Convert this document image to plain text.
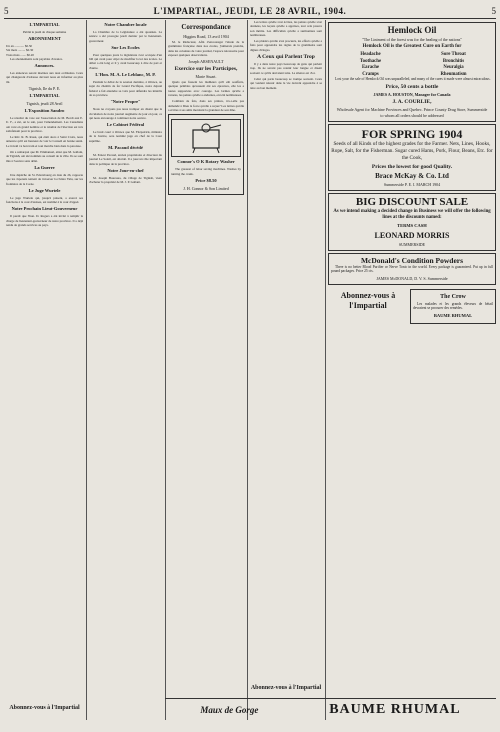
5	L'IMPARTIAL, JEUDI, LE 28 AVRIL, 1904.	5
L'IMPARTIAL
Publié le jeudi de chaque semaine
ABONNEMENT
Un an ............ $0.50
Six mois ......... $0.30
Trois mois ....... $0.20
Les abonnements sont payables d'avance.
Annonces.
Les annonces seront insérées aux taux ordinaires. Ceux qui changeront d'adresse devront nous en informer au plus tôt.
Tignish, Ile du P. E.
L'IMPARTIAL
Tignish, jeudi 28 Avril
L'Exposition Sandro
Le résultat du vote sur l'association de M. Bordi aux E. U. F., a été, on le sait, pour l'amendement. Les Canadiens ont voté en grand nombre et le résultat de l'élection est très satisfaisant pour la province.
Le Rév. R. B. Roué, qui était alors à Saint Croix, nous annonce qu'il est heureux de voir le Conseil en bonne santé. Le travail va bon train et tout marche bien dans la paroisse.
On a remarqué que M. Emmanuel, ainsi que M. Gallant, de Tignish, ont été nommés au conseil de la ville. Ils se sont mis à l'oeuvre sans délai.
La Guerre
Une dépêche de St. Pétersbourg en date du 26, rapporte que les Japonais tentent de traverser la rivière Yalu, sur les frontières de la Corée.
Le Juge Wurtele
Le juge Wurtele qui, jusqu'à présent, a exercé ses fonctions à la cour d'assises, est nommé à la cour d'appel.
Notre Prochain Lieut-Gouverneur
Il paraît que l'hon. D. Rogers a été invité à remplir la charge de lieutenant-gouverneur de notre province. Il a déjà rendu de grands services au pays.
Abonnez-vous à l'Impartial
Notre Chambre locale
La Chambre de la Législature a été ajournée. La séance a été prorogée jeudi dernier par le lieutenant-gouverneur.
Sur Les Ecoles
Pour quelques jours la législature s'est occupée d'un bill qui avait pour objet de modifier la loi des écoles. Le débat a été long et il y avait beaucoup à dire de part et d'autre.
L'Hon. M. A. Le Leblanc, M. P.
Pendant le débat de la session dernière, à Ottawa, au sujet du chemin de fer Grand Pacifique, notre député fédéral a fait entendre sa voix pour défendre les intérêts de sa province.
"Notre Propre"
Nous ne croyons pas nous tromper en disant que la circulation de notre journal augmente de jour en jour, ce qui nous encourage à continuer notre oeuvre.
Le Cabinet Fédéral
Le bruit court à Ottawa que M. Fitzpatrick, ministre de la Justice, sera nommé juge en chef de la Cour suprême.
M. Pacaud décédé
M. Ernest Pacaud, ancien propriétaire et directeur du journal Le Soleil, est décédé. Il a joué un rôle important dans la politique de la province.
Notre Jour-en-chef
M. Joseph Bourassa, du village de Tignish, vient d'acheter la propriété de M. J. P. Gallant.
Correspondance
Higgins Road, 13 avril 1904
M. le Rédacteur, Afin d'encourager l'étude de la grammaire française dans nos écoles, j'aimerais prendre, dans les colonnes de votre journal, l'espace nécessaire pour exposer quelques observations.
Joseph ARSENAULT
Exercice sur les Participes,
Marie Stuart.
Quels que fussent les malheurs qu'il eût soufferts, quelque pénibles qu'eussent été ses épreuves, elle les a toutes supportées avec courage. Les larmes qu'elle a versées, les peines qu'elle a endurées, ont été nombreuses.
Combien de fois, dans ses prières, n'a-t-elle pas demandé à Dieu la force qu'elle a reçue? Les lettres qu'elle a écrites à ses amis montrent la grandeur de son âme.
Connor's O K Rotary Washer
The greatest of labor saving machines. Washes by turning the crank.
Price $8.50
J. H. Connor & Son Limited
Les lettres qu'elle s'est écrites, les peines qu'elle s'est données, les leçons qu'elle a apprises, tout cela prouve son mérite. Les difficultés qu'elle a surmontées sont nombreuses.
Les plaisirs qu'elle s'est procurés, les efforts qu'elle a faits pour apprendre les règles de la grammaire sont dignes d'éloges.
A Ceux qui Parlent Trop
Il y a dans notre pays beaucoup de gens qui parlent trop. Ils ne savent pas retenir leur langue et disent souvent ce qu'ils devraient taire. Le silence est d'or.
Celui qui parle beaucoup se trompe souvent. Ceux qui veulent réussir dans la vie doivent apprendre à se taire au bon moment.
Abonnez-vous à l'Impartial
Hemlock Oil
"The Liniment of the forest was for the healing of the nations"
Hemlock Oil is the Greatest Cure on Earth for
Headache	Sore Throat
Toothache	Bronchitis
Earache	Neuralgia
Cramps	Rheumatism
Lost your the sale of Hemlock Oil was unparalleled, and many of the cures it made were almost miraculous.
Price, 50 cents a bottle
JAMES A. HOUSTON, Manager for Canada
J. A. COURLIE,
Wholesale Agent for Machine Provinces and Quebec. Prince County Drug Store, Summerside
to whom all orders should be addressed
FOR SPRING 1904
Seeds of all Kinds of the highest grades for the Farmer. Nets, Lines, Hooks, Rope, Salt, for the Fisherman. Sugar cured Hams, Pork, Flour, Beans, Etc. for the Cook,
Prices the lowest for good Quality.
Brace McKay & Co. Ltd
Summerside P. E. I. MARCH 1904
BIG DISCOUNT SALE
As we intend making a decided change in Business we will offer the following lines at the discounts named:
TERMS CASH
LEONARD MORRIS
SUMMERSIDE
McDonald's Condition Powders
There is no better Blood Purifier or Nerve Tonic in the world. Every package is guaranteed. Put up in full pound packages. Price 25 cts.
JAMES McDONALD, D. V. S. Summerside
Abonnez-vous à l'Impartial
The Crow
Les malades et les grands éleveurs de bétail devraient se procurer des remèdes.
BAUME RHUMAL
Maux de Gorge	BAUME RHUMAL
